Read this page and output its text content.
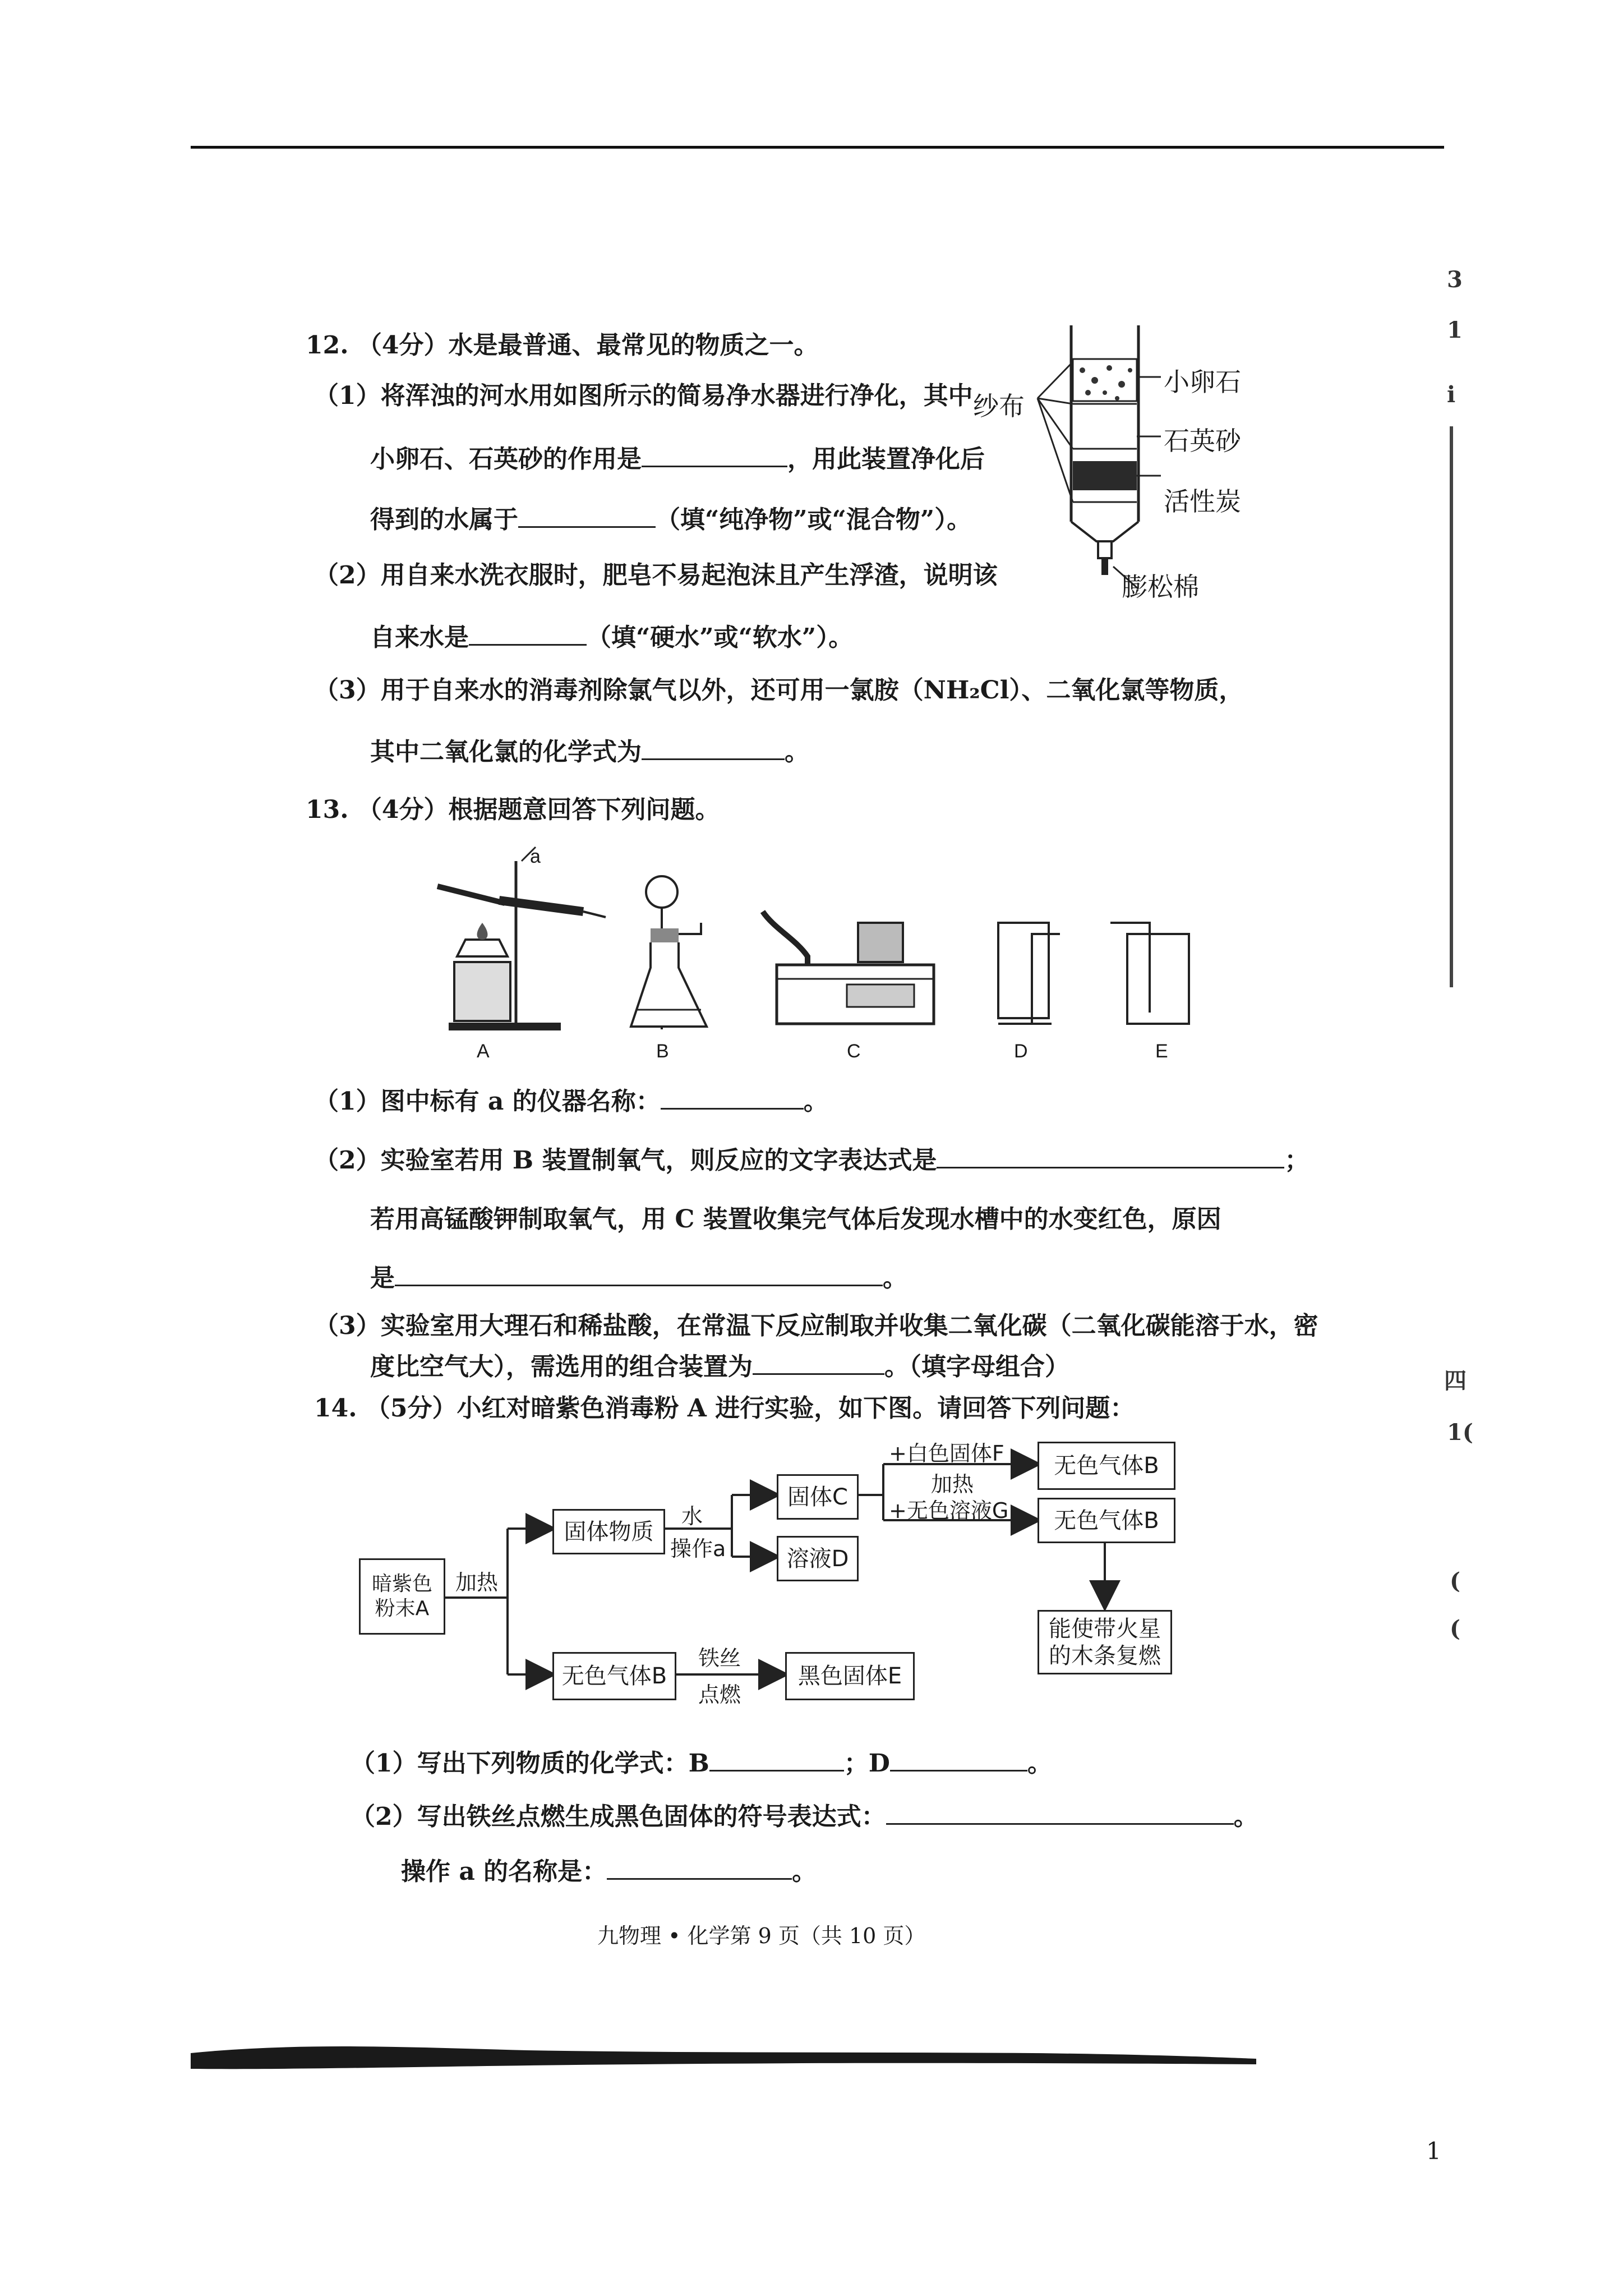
12. （4分）水是最普通、最常见的物质之一。
（1）将浑浊的河水用如图所示的简易净水器进行净化，其中
小卵石、石英砂的作用是	，用此装置净化后
得到的水属于	（填“纯净物”或“混合物”）。
（2）用自来水洗衣服时，肥皂不易起泡沫且产生浮渣，说明该
自来水是	（填“硬水”或“软水”）。
（3）用于自来水的消毒剂除氯气以外，还可用一氯胺（NH₂Cl）、二氧化氯等物质，
其中二氧化氯的化学式为	。
纱布
小卵石
石英砂
活性炭
膨松棉
13. （4分）根据题意回答下列问题。
a
A	B	C	D	E
（1）图中标有 a 的仪器名称：	。
（2）实验室若用 B 装置制氧气，则反应的文字表达式是	；
若用高锰酸钾制取氧气，用 C 装置收集完气体后发现水槽中的水变红色，原因
是	。
（3）实验室用大理石和稀盐酸，在常温下反应制取并收集二氧化碳（二氧化碳能溶于水，密
度比空气大），需选用的组合装置为	。（填字母组合）
14. （5分）小红对暗紫色消毒粉 A 进行实验，如下图。请回答下列问题：
暗紫色
粉末A
加热
固体物质
水
操作a
固体C
溶液D
+白色固体F
加热
+无色溶液G
无色气体B
无色气体B
能使带火星的木条复燃
无色气体B
铁丝
点燃
黑色固体E
（1）写出下列物质的化学式：B	；D	。
（2）写出铁丝点燃生成黑色固体的符号表达式：	。
操作 a 的名称是：	。
九物理 • 化学第 9 页（共 10 页）
1
3
1
i
四
1(
(
(
